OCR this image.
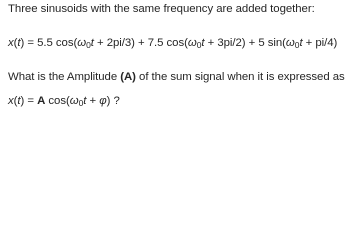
Three sinusoids with the same frequency are added together:
x(t) = 5.5 $\cos(\omega_0t + 2pi/3) + 7.5$ $\cos(\omega_0t + 3pi/2) + 5$ $\sin(\omega_0t + pi/4)$
What is the Amplitude (A) of the sum signal when it is expressed as
x(t) = A $\cos(\omega_0t + \varphi)$ ?
